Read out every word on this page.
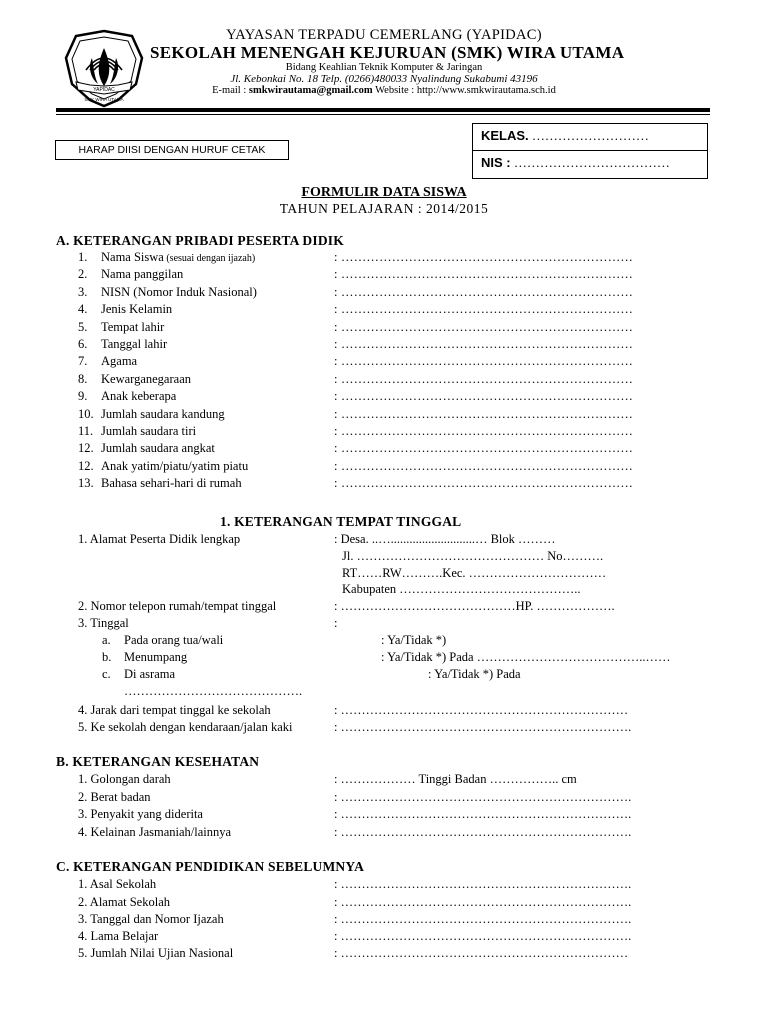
YAPIDAC
SMK WIRA UTAMA
YAYASAN TERPADU CEMERLANG (YAPIDAC)
SEKOLAH MENENGAH KEJURUAN (SMK) WIRA UTAMA
Bidang Keahlian Teknik Komputer & Jaringan
Jl. Kebonkai No. 18 Telp. (0266)480033 Nyalindung Sukabumi 43196
E-mail : smkwirautama@gmail.com Website : http://www.smkwirautama.sch.id
HARAP DIISI DENGAN HURUF CETAK
KELAS. ………………………
NIS : ………………………………
FORMULIR DATA SISWA
TAHUN PELAJARAN : 2014/2015
A. KETERANGAN PRIBADI PESERTA DIDIK
1.	Nama Siswa (sesuai dengan ijazah)	: ……………………………………………………………
2.	Nama panggilan	: ……………………………………………………………
3.	NISN (Nomor Induk Nasional)	: ……………………………………………………………
4.	Jenis Kelamin	: ……………………………………………………………
5.	Tempat lahir	: ……………………………………………………………
6.	Tanggal lahir	: ……………………………………………………………
7.	Agama	: ……………………………………………………………
8.	Kewarganegaraan	: ……………………………………………………………
9.	Anak keberapa	: ……………………………………………………………
10. Jumlah saudara kandung	: ……………………………………………………………
11. Jumlah saudara tiri	: ……………………………………………………………
12. Jumlah saudara angkat	: ……………………………………………………………
12. Anak yatim/piatu/yatim piatu	: ……………………………………………………………
13. Bahasa sehari-hari di rumah	: ……………………………………………………………
1. KETERANGAN TEMPAT TINGGAL
1. Alamat Peserta Didik lengkap	: Desa. ..…...........................… Blok ………
Jl. ……………………………………… No……….
RT……RW……….Kec. ……………………………
Kabupaten ……………………………………..
2. Nomor telepon rumah/tempat tinggal	: ……………………………………HP. ……………….
3. Tinggal	:
a. Pada orang tua/wali	: Ya/Tidak *)
b. Menumpang	: Ya/Tidak *) Pada …………………………………..……
c. Di asrama	: Ya/Tidak *) Pada
…………………………………….
4. Jarak dari tempat tinggal ke sekolah	: ……………………………………………………………
5. Ke sekolah dengan kendaraan/jalan kaki	: …………………………………………………………….
B. KETERANGAN KESEHATAN
1. Golongan darah	: ……………… Tinggi Badan …………….. cm
2. Berat badan	: …………………………………………………………….
3. Penyakit yang diderita	: …………………………………………………………….
4. Kelainan Jasmaniah/lainnya	: …………………………………………………………….
C. KETERANGAN PENDIDIKAN SEBELUMNYA
1. Asal Sekolah	: …………………………………………………………….
2. Alamat Sekolah	: …………………………………………………………….
3. Tanggal dan Nomor Ijazah	: …………………………………………………………….
4. Lama Belajar	: …………………………………………………………….
5. Jumlah Nilai Ujian Nasional	: ……………………………………………………………
